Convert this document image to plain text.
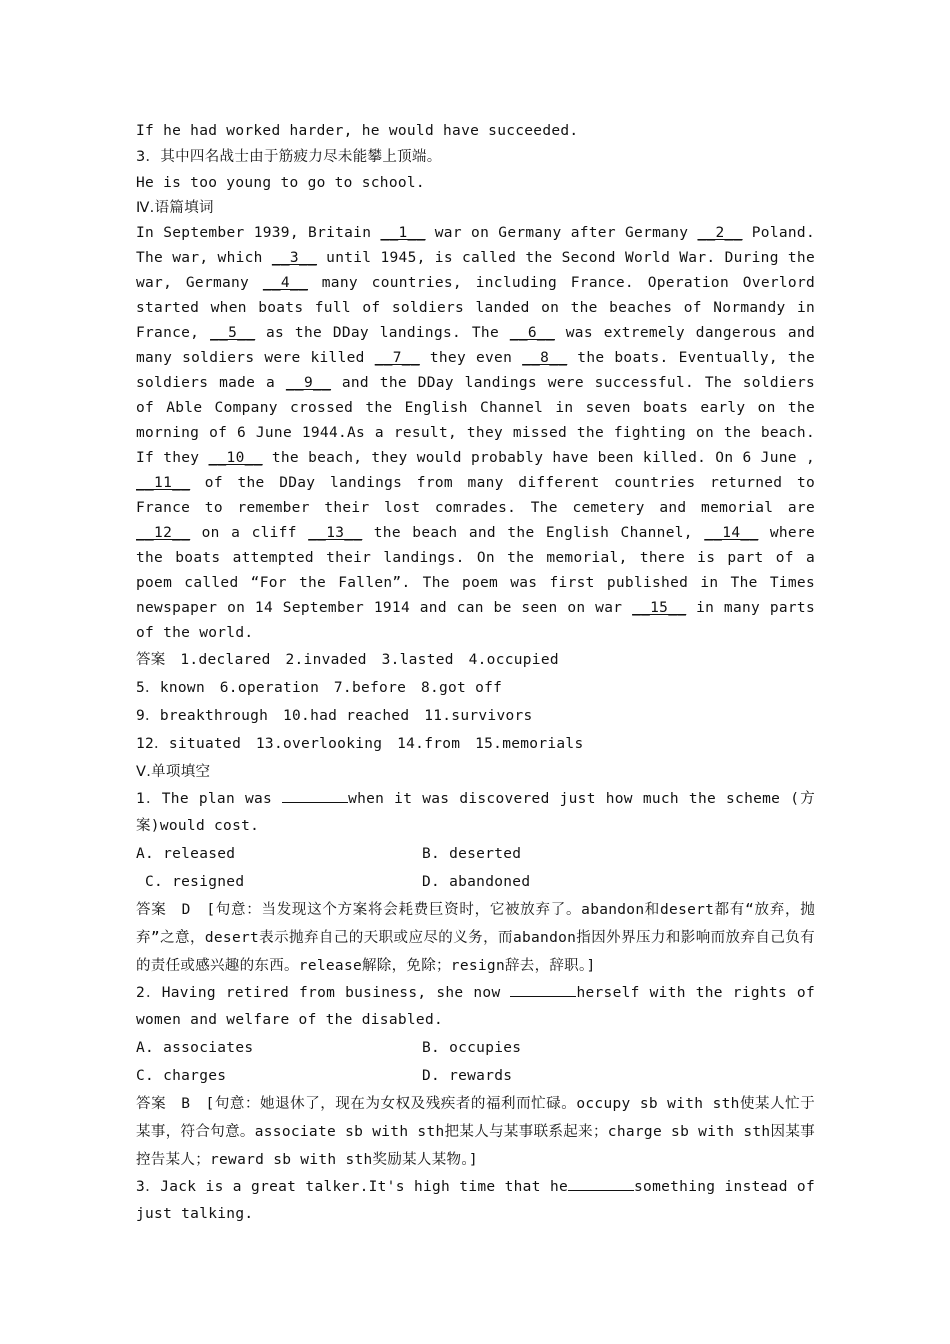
If he had worked harder, he would have succeeded.
3．其中四名战士由于筋疲力尽未能攀上顶端。
He is too young to go to school.
Ⅳ.语篇填词
In September 1939, Britain __1__ war on Germany after Germany __2__ Poland. The war, which __3__ until 1945, is called the Second World War. During the war, Germany __4__ many countries, including France. Operation Overlord started when boats full of soldiers landed on the beaches of Normandy in France, __5__ as the DDay landings. The __6__ was extremely dangerous and many soldiers were killed __7__ they even __8__ the boats. Eventually, the soldiers made a __9__ and the DDay landings were successful. The soldiers of Able Company crossed the English Channel in seven boats early on the morning of 6 June 1944.As a result, they missed the fighting on the beach. If they __10__ the beach, they would probably have been killed. On 6 June , __11__ of the DDay landings from many different countries returned to France to remember their lost comrades. The cemetery and memorial are __12__ on a cliff __13__ the beach and the English Channel, __14__ where the boats attempted their landings. On the memorial, there is part of a poem called “For the Fallen”. The poem was first published in The Times newspaper on 14 September 1914 and can be seen on war __15__ in many parts of the world.
答案　1.declared　2.invaded　3.lasted　4.occupied
5．known　6.operation　7.before　8.got off
9．breakthrough　10.had reached　11.survivors
12．situated　13.overlooking　14.from　15.memorials
Ⅴ.单项填空
1．The plan was	when it was discovered just how much the scheme (方案)would cost.
A. released	B. deserted
C. resigned	D. abandoned
答案　D　[句意：当发现这个方案将会耗费巨资时，它被放弃了。abandon和desert都有“放弃，抛弃”之意，desert表示抛弃自己的天职或应尽的义务，而abandon指因外界压力和影响而放弃自己负有的责任或感兴趣的东西。release解除，免除；resign辞去，辞职。]
2．Having retired from business, she now	herself with the rights of women and welfare of the disabled.
A. associates	B. occupies
C. charges	D. rewards
答案　B　[句意：她退休了，现在为女权及残疾者的福利而忙碌。occupy sb with sth使某人忙于某事，符合句意。associate sb with sth把某人与某事联系起来；charge sb with sth因某事控告某人；reward sb with sth奖励某人某物。]
3．Jack is a great talker.It's high time that he	something instead of just talking.
